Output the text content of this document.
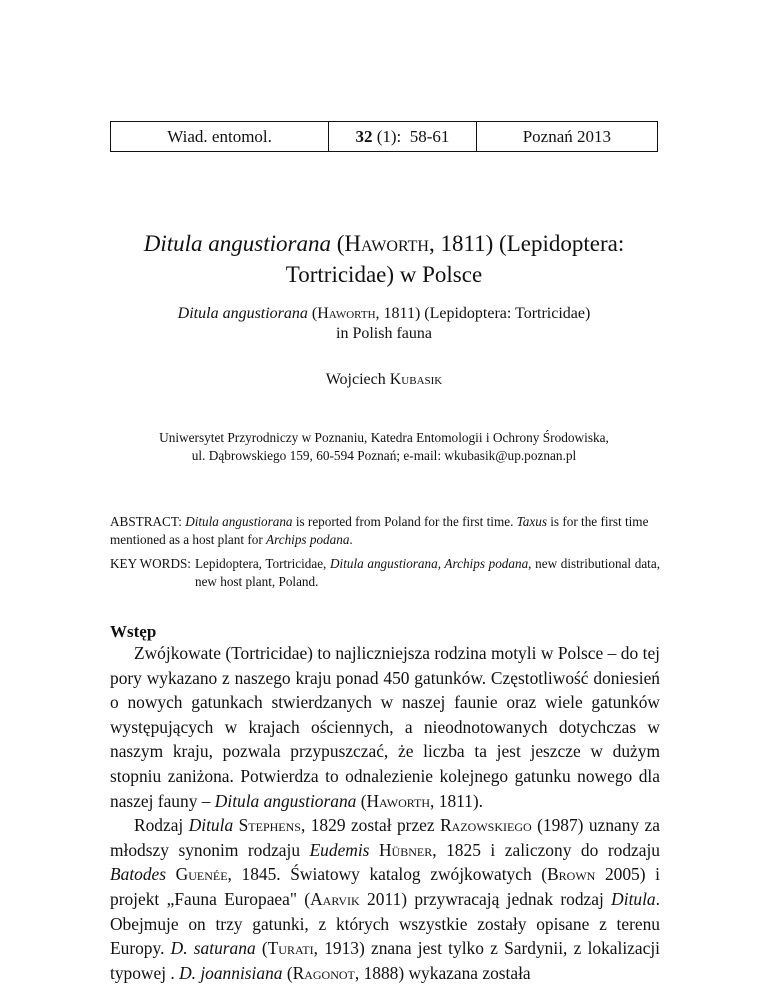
Wiad. entomol.	32 (1):  58-61	Poznań 2013
Ditula angustiorana (Haworth, 1811) (Lepidoptera:
Tortricidae) w Polsce
Ditula angustiorana (Haworth, 1811) (Lepidoptera: Tortricidae)
in Polish fauna
Wojciech Kubasik
Uniwersytet Przyrodniczy w Poznaniu, Katedra Entomologii i Ochrony Środowiska,
ul. Dąbrowskiego 159, 60-594 Poznań; e-mail: wkubasik@up.poznan.pl
ABSTRACT: Ditula angustiorana is reported from Poland for the first time. Taxus is for the first time mentioned as a host plant for Archips podana.
KEY WORDS: Lepidoptera, Tortricidae, Ditula angustiorana, Archips podana, new distributional data, new host plant, Poland.
Wstęp

Zwójkowate (Tortricidae) to najliczniejsza rodzina motyli w Polsce – do tej pory wykazano z naszego kraju ponad 450 gatunków. Częstotliwość doniesień o nowych gatunkach stwierdzanych w naszej faunie oraz wiele gatunków występujących w krajach ościennych, a nieodnotowanych dotychczas w naszym kraju, pozwala przypuszczać, że liczba ta jest jeszcze w dużym stopniu zaniżona. Potwierdza to odnalezienie kolejnego gatunku nowego dla naszej fauny – Ditula angustiorana (Haworth, 1811).

Rodzaj Ditula Stephens, 1829 został przez Razowskiego (1987) uznany za młodszy synonim rodzaju Eudemis Hübner, 1825 i zaliczony do rodzaju Batodes Guenée, 1845. Światowy katalog zwójkowatych (Brown 2005) i projekt „Fauna Europaea" (Aarvik 2011) przywracają jednak rodzaj Ditula. Obejmuje on trzy gatunki, z których wszystkie zostały opisane z terenu Europy. D. saturana (Turati, 1913) znana jest tylko z Sardynii, z lokalizacji typowej . D. joannisiana (Ragonot, 1888) wykazana została
